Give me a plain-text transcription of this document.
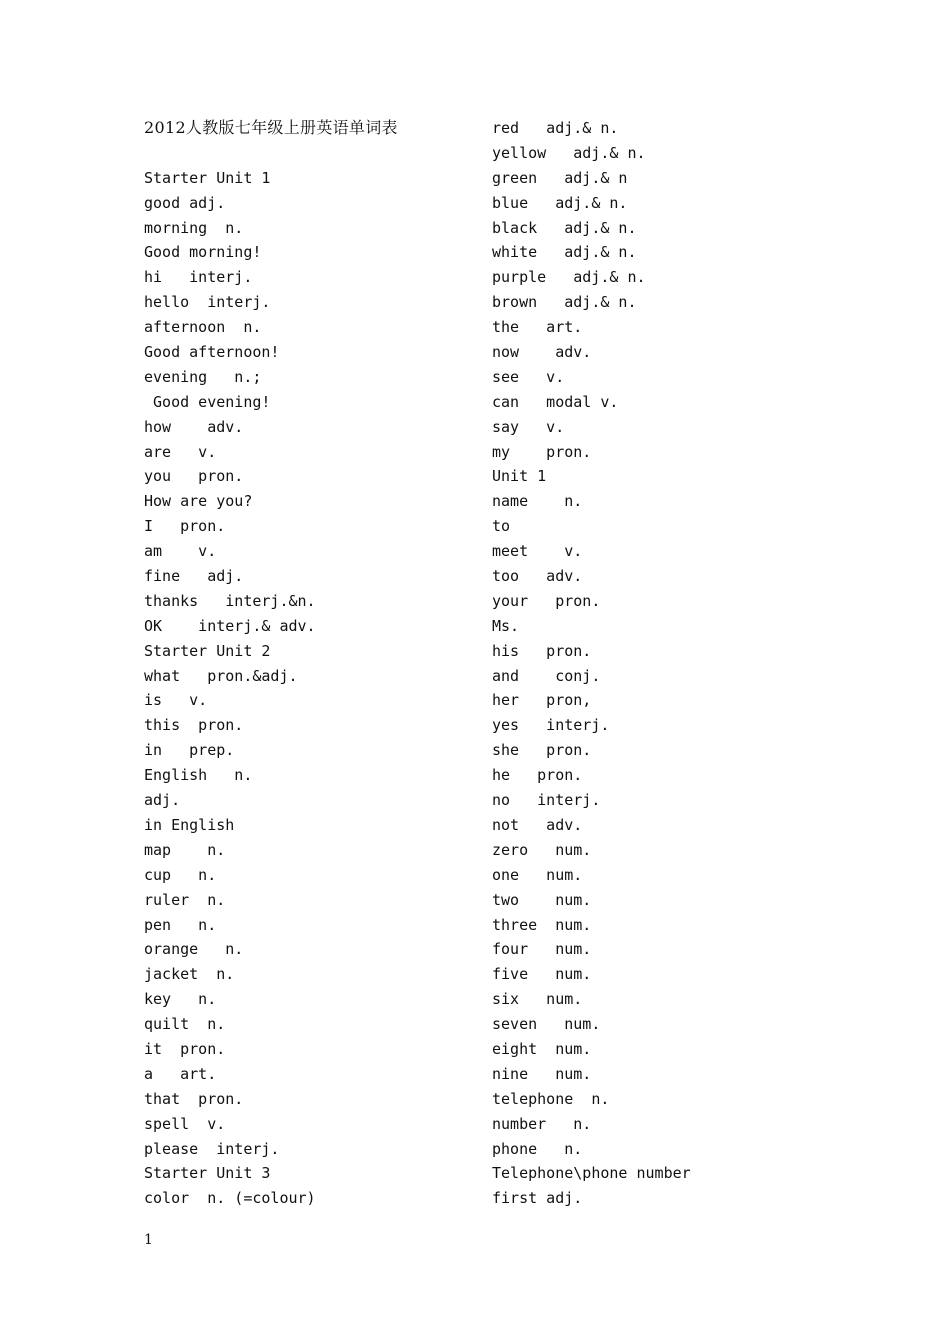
2012人教版七年级上册英语单词表
Starter Unit 1
good adj.
morning  n.
Good morning!
hi   interj.
hello  interj.
afternoon  n.
Good afternoon!
evening   n.;
Good evening!
how    adv.
are   v.
you   pron.
How are you?
I   pron.
am    v.
fine   adj.
thanks   interj.&n.
OK    interj.& adv.
Starter Unit 2
what   pron.&adj.
is   v.
this  pron.
in   prep.
English   n.
adj.
in English
map    n.
cup   n.
ruler  n.
pen   n.
orange   n.
jacket  n.
key   n.
quilt  n.
it  pron.
a   art.
that  pron.
spell  v.
please  interj.
Starter Unit 3
color  n. (=colour)
red   adj.& n.
yellow   adj.& n.
green   adj.& n
blue   adj.& n.
black   adj.& n.
white   adj.& n.
purple   adj.& n.
brown   adj.& n.
the   art.
now    adv.
see   v.
can   modal v.
say   v.
my    pron.
Unit 1
name    n.
to
meet    v.
too   adv.
your   pron.
Ms.
his   pron.
and    conj.
her   pron,
yes   interj.
she   pron.
he   pron.
no   interj.
not   adv.
zero   num.
one   num.
two    num.
three  num.
four   num.
five   num.
six   num.
seven   num.
eight  num.
nine   num.
telephone  n.
number   n.
phone   n.
Telephone\phone number
first adj.
1
